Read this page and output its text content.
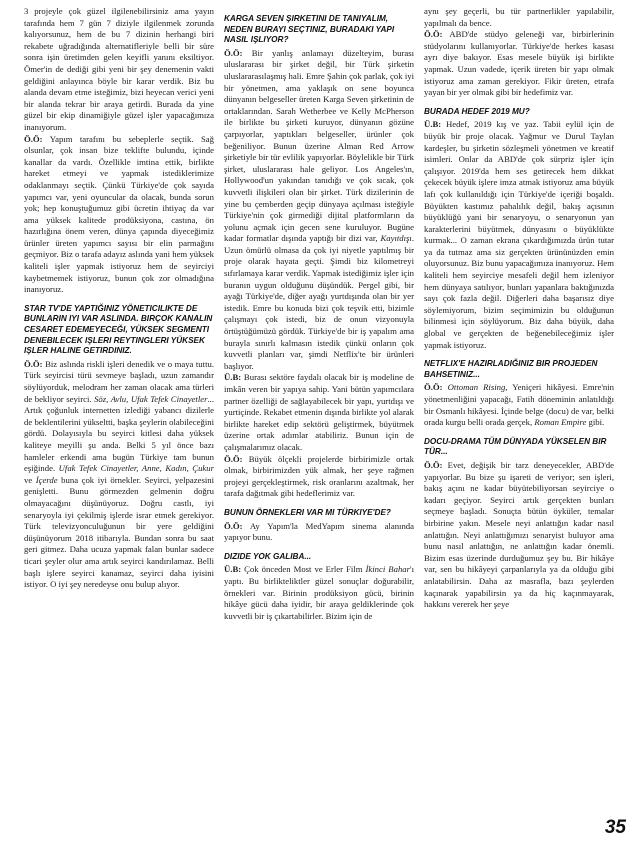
3 projeyle çok güzel ilgilenebilirsiniz ama yayın tarafında hem 7 gün 7 diziyle ilgilenmek zorunda kalıyorsunuz, hem de bu 7 dizinin herhangi biri rekabete uğradığında alternatifleriyle belli bir süre sonra işin üretimden gelen keyifli yanını eksiltiyor. Ömer'in de dediği gibi yeni bir şey denemenin vakti geldiğini anlayınca böyle bir karar verdik. Biz bu alanda devam etme isteğimiz, bizi heyecan verici yeni bir alanda tekrar bir araya getirdi. Burada da yine güzel bir ekip dinamiğiyle güzel işler yapacağımıza inanıyorum.

Ö.Ö: Yapım tarafını bu sebeplerle seçtik. Sağ olsunlar, çok insan bize teklifte bulundu, içinde kanallar da vardı. Özellikle imtina ettik, birlikte hareket etmeyi ve yapmak istediklerimize odaklanmayı seçtik. Çünkü Türkiye'de çok sayıda yapımcı var, yeni oyuncular da olacak, bunda sorun yok; hep konuştuğumuz gibi ücretin ihtiyaç da var ama yüksek kalitede prodüksiyona, castına, ön hazırlığına önem veren, dünya çapında diyeceğimiz ürünler üreten yapımcı sayısı bir elin parmağını geçmiyor. Biz o tarafa adayız aslında yani hem yüksek kaliteli işler yapmak istiyoruz hem de seyirciyi kaybetmemek istiyoruz, bunun çok zor olmadığına inanıyoruz.

STAR TV'DE YAPTIĞINIZ YÖNETICILIKTE DE BUNLARIN IYI VAR ASLINDA. BIRÇOK KANALIN CESARET EDEMEYECEĞI, YÜKSEK SEGMENTI DENEBILECEK IŞLERI REYTINGLERI YÜKSEK IŞLER HALINE GETIRDINIZ.

Ö.Ö: Biz aslında riskli işleri denedik ve o maya tuttu. Türk seyircisi türü sevmeye başladı, uzun zamandır söylüyorduk, melodram her zaman olacak ama türleri de bekliyor seyirci. Söz, Avlu, Ufak Tefek Cinayetler... Artık çoğunluk internetten izlediği yabancı dizilerle de beklentilerini yükseltti, başka şeylerin olabileceğini gördü. Dolayısıyla bu seyirci kitlesi daha yüksek kaliteye meyilli şu anda. Belki 5 yıl önce bazı hamleler erkendi ama bugün Türkiye tam bunun eşiğinde. Ufak Tefek Cinayetler, Anne, Kadın, Çukur ve İçerde buna çok iyi örnekler. Seyirci, yelpazesini genişletti. Bunu görmezden gelmenin doğru olmayacağını düşünüyoruz. Doğru castlı, iyi senaryoyla iyi çekilmiş işlerde israr etmek gerekiyor. Türk televizyonculuğunun bir yere geldiğini düşünüyorum 2018 itibarıyla. Bundan sonra bu saat geri gitmez. Daha ucuza yapmak falan bunlar sadece ticari şeyler olur ama artık seyirci kandırılamaz. Belli başlı işlere seyirci kanamaz, seyirci daha iyisini istiyor. O iyi şey neredeyse onu bulup alıyor.

KARGA SEVEN ŞIRKETINI DE TANIYALIM, NEDEN BURAYI SEÇTINIZ, BURADAKI YAPI NASIL IŞLIYOR?

Ö.Ö: Bir yanlış anlamayı düzelteyim, burası uluslararası bir şirket değil, bir Türk şirketin uluslararasılaşmış hali. Emre Şahin çok parlak, çok iyi bir yönetmen, ama yaklaşık on sene boyunca dünyanın belgeseller üreten Karga Seven şirketinin de ortaklarından. Sarah Wetherbee ve Kelly McPherson ile birlikte bu şirketi kuruyor, dünyanın gözüne çarpıyorlar, yaptıkları belgeseller, ürünler çok beğeniliyor. Bunun üzerine Alman Red Arrow şirketiyle bir tür evlilik yapıyorlar. Böylelikle bir Türk şirket, uluslararası hale geliyor. Los Angeles'ın, Hollywood'un yakından tanıdığı ve çok sıcak, çok kuvvetli ilişkileri olan bir şirket. Türk dizilerinin de yine bu çemberden geçip dünyaya açılması isteğiyle Türkiye'nin çok girmediği dijital platformların da yolunu açmak için gecen sene kuruluyor. Bugüne kadar formatlar dışında yaptığı bir dizi var, Kayıtdışı. Uzun ömürlü olmasa da çok iyi niyetle yaptılmış bir proje olarak hayata geçti. Şimdi biz kilometreyi sıfırlamaya karar verdik. Yapmak istediğimiz işler için buranın uygun olduğunu düşündük. Pergel gibi, bir ayağı Türkiye'de, diğer ayağı yurtdışında olan bir yer istedik. Emre bu konuda bizi çok teşvik etti, bizimle çalışmayı çok istedi, biz de onun vizyonuyla örtüştüğümüzü gördük. Türkiye'de bir iş yapalım ama burayla sınırlı kalmasın istedik çünkü onların çok kuvvetli planları var, şimdi Netflix'te bir ürünleri başlıyor.

Ü.B: Burası sektöre faydalı olacak bir iş modeline de imkân veren bir yapıya sahip. Yani bütün yapımcılara partner özelliği de sağlayabilecek bir yapı, yurtdışı ve yurtiçinde. Rekabet etmenin dışında birlikte yol alarak birlikte hareket edip sektörü geliştirmek, büyütmek üzerine ortak adımlar atabiliriz. Bunun için de çalışmalarımız olacak.

Ö.Ö: Büyük ölçekli projelerde birbirimizle ortak olmak, birbirimizden yük almak, her şeye rağmen projeyi gerçekleştirmek, risk oranlarını azaltmak, her tarafa dağıtmak gibi hedeflerimiz var.

BUNUN ÖRNEKLERI VAR MI TÜRKIYE'DE?

Ö.Ö: Ay Yapım'la MedYapım sinema alanında yapıyor bunu.

DIZIDE YOK GALIBA...

Ü.B: Çok önceden Most ve Erler Film İkinci Bahar'ı yaptı. Bu birlikteliktler güzel sonuçlar doğurabilir, örnekleri var. Birinin prodüksiyon gücü, birinin hikâye gücü daha iyidir, bir araya geldiklerinde çok kuvvetli bir iş çıkartabilirler. Bizim için de

aynı şey geçerli, bu tür partnerlikler yapılabilir, yapılmalı da bence.

Ö.Ö: ABD'de stüdyo geleneği var, birbirlerinin stüdyolarını kullanıyorlar. Türkiye'de herkes kasası ayrı diye bakıyor. Esas mesele büyük işi birlikte yapmak. Uzun vadede, içerik üreten bir yapı olmak istiyoruz ama zaman gerekiyor. Fikir üreten, etrafa yayan bir yer olmak gibi bir hedefimiz var.

BURADA HEDEF 2019 MU?

Ü.B: Hedef, 2019 kış ve yaz. Tabii eylül için de büyük bir proje olacak. Yağmur ve Durul Taylan kardeşler, bu şirketin sözleşmeli yönetmen ve kreatif isimleri. Onlar da ABD'de çok sürpriz işler için çalışıyor. 2019'da hem ses getirecek hem dikkat çekecek büyük işlere imza atmak istiyoruz ama büyük lafı çok kullanıldığı için Türkiye'de içeriği boşaldı. Büyükten kastımız pahalılık değil, bakış açısının büyüklüğü yani bir senaryoyu, o senaryonun yan karakterlerini büyütmek, dünyasını o büyüklükte kurmak... O zaman ekrana çıkardığımızda ürün tutar ya da tutmaz ama siz gerçekten ürününüzden emin oluyorsunuz. Biz bunu yapacağımıza inanıyoruz. Hem kaliteli hem seyirciye mesafeli değil hem izleniyor hem dünyaya satılıyor, bunları yapanlara baktığınızda sayı çok fazla değil. Diğerleri daha başarısız diye söylemiyorum, bizim seçimimizin bu olduğunun bilinmesi için söylüyorum. Biz daha büyük, daha global ve gerçekten de beğenebileceğimiz işler yapmak istiyoruz.

NETFLIX'E HAZIRLADIĞINIZ BIR PROJEDEN BAHSETINIZ...

Ö.Ö: Ottoman Rising, Yeniçeri hikâyesi. Emre'nin yönetmenliğini yapacağı, Fatih döneminin anlatıldığı bir Osmanlı hikâyesi. İçinde belge (docu) de var, belki orada kurgu belli orada gerçek, Roman Empire gibi.

DOCU-DRAMA TÜM DÜNYADA YÜKSELEN BIR TÜR...

Ö.Ö: Evet, değişik bir tarz deneyecekler, ABD'de yapıyorlar. Bu bize şu işareti de veriyor; sen işleri, bakış açını ne kadar büyütebiliyorsan seyirciye o kadarı geçiyor. Seyirci artık gerçekten bunları seçmeye başladı. Sonuçta bütün öyküler, temalar birbirine yakın. Mesele neyi anlattığın kadar nasıl anlattığın. Neyi anlattığımızı senaryist buluyor ama bunu nasıl anlattığın, ne anlattığın kadar önemli. Bizim esas üzerinde durduğumuz şey bu. Bir hikâye var, sen bu hikâyeyi çarpanlarıyla ya da olduğu gibi anlatabilirsin. Daha az masrafla, bazı şeylerden kaçınarak yapabilirsin ya da hiç kaçınmayarak, hakkını vererek her şeye

35
